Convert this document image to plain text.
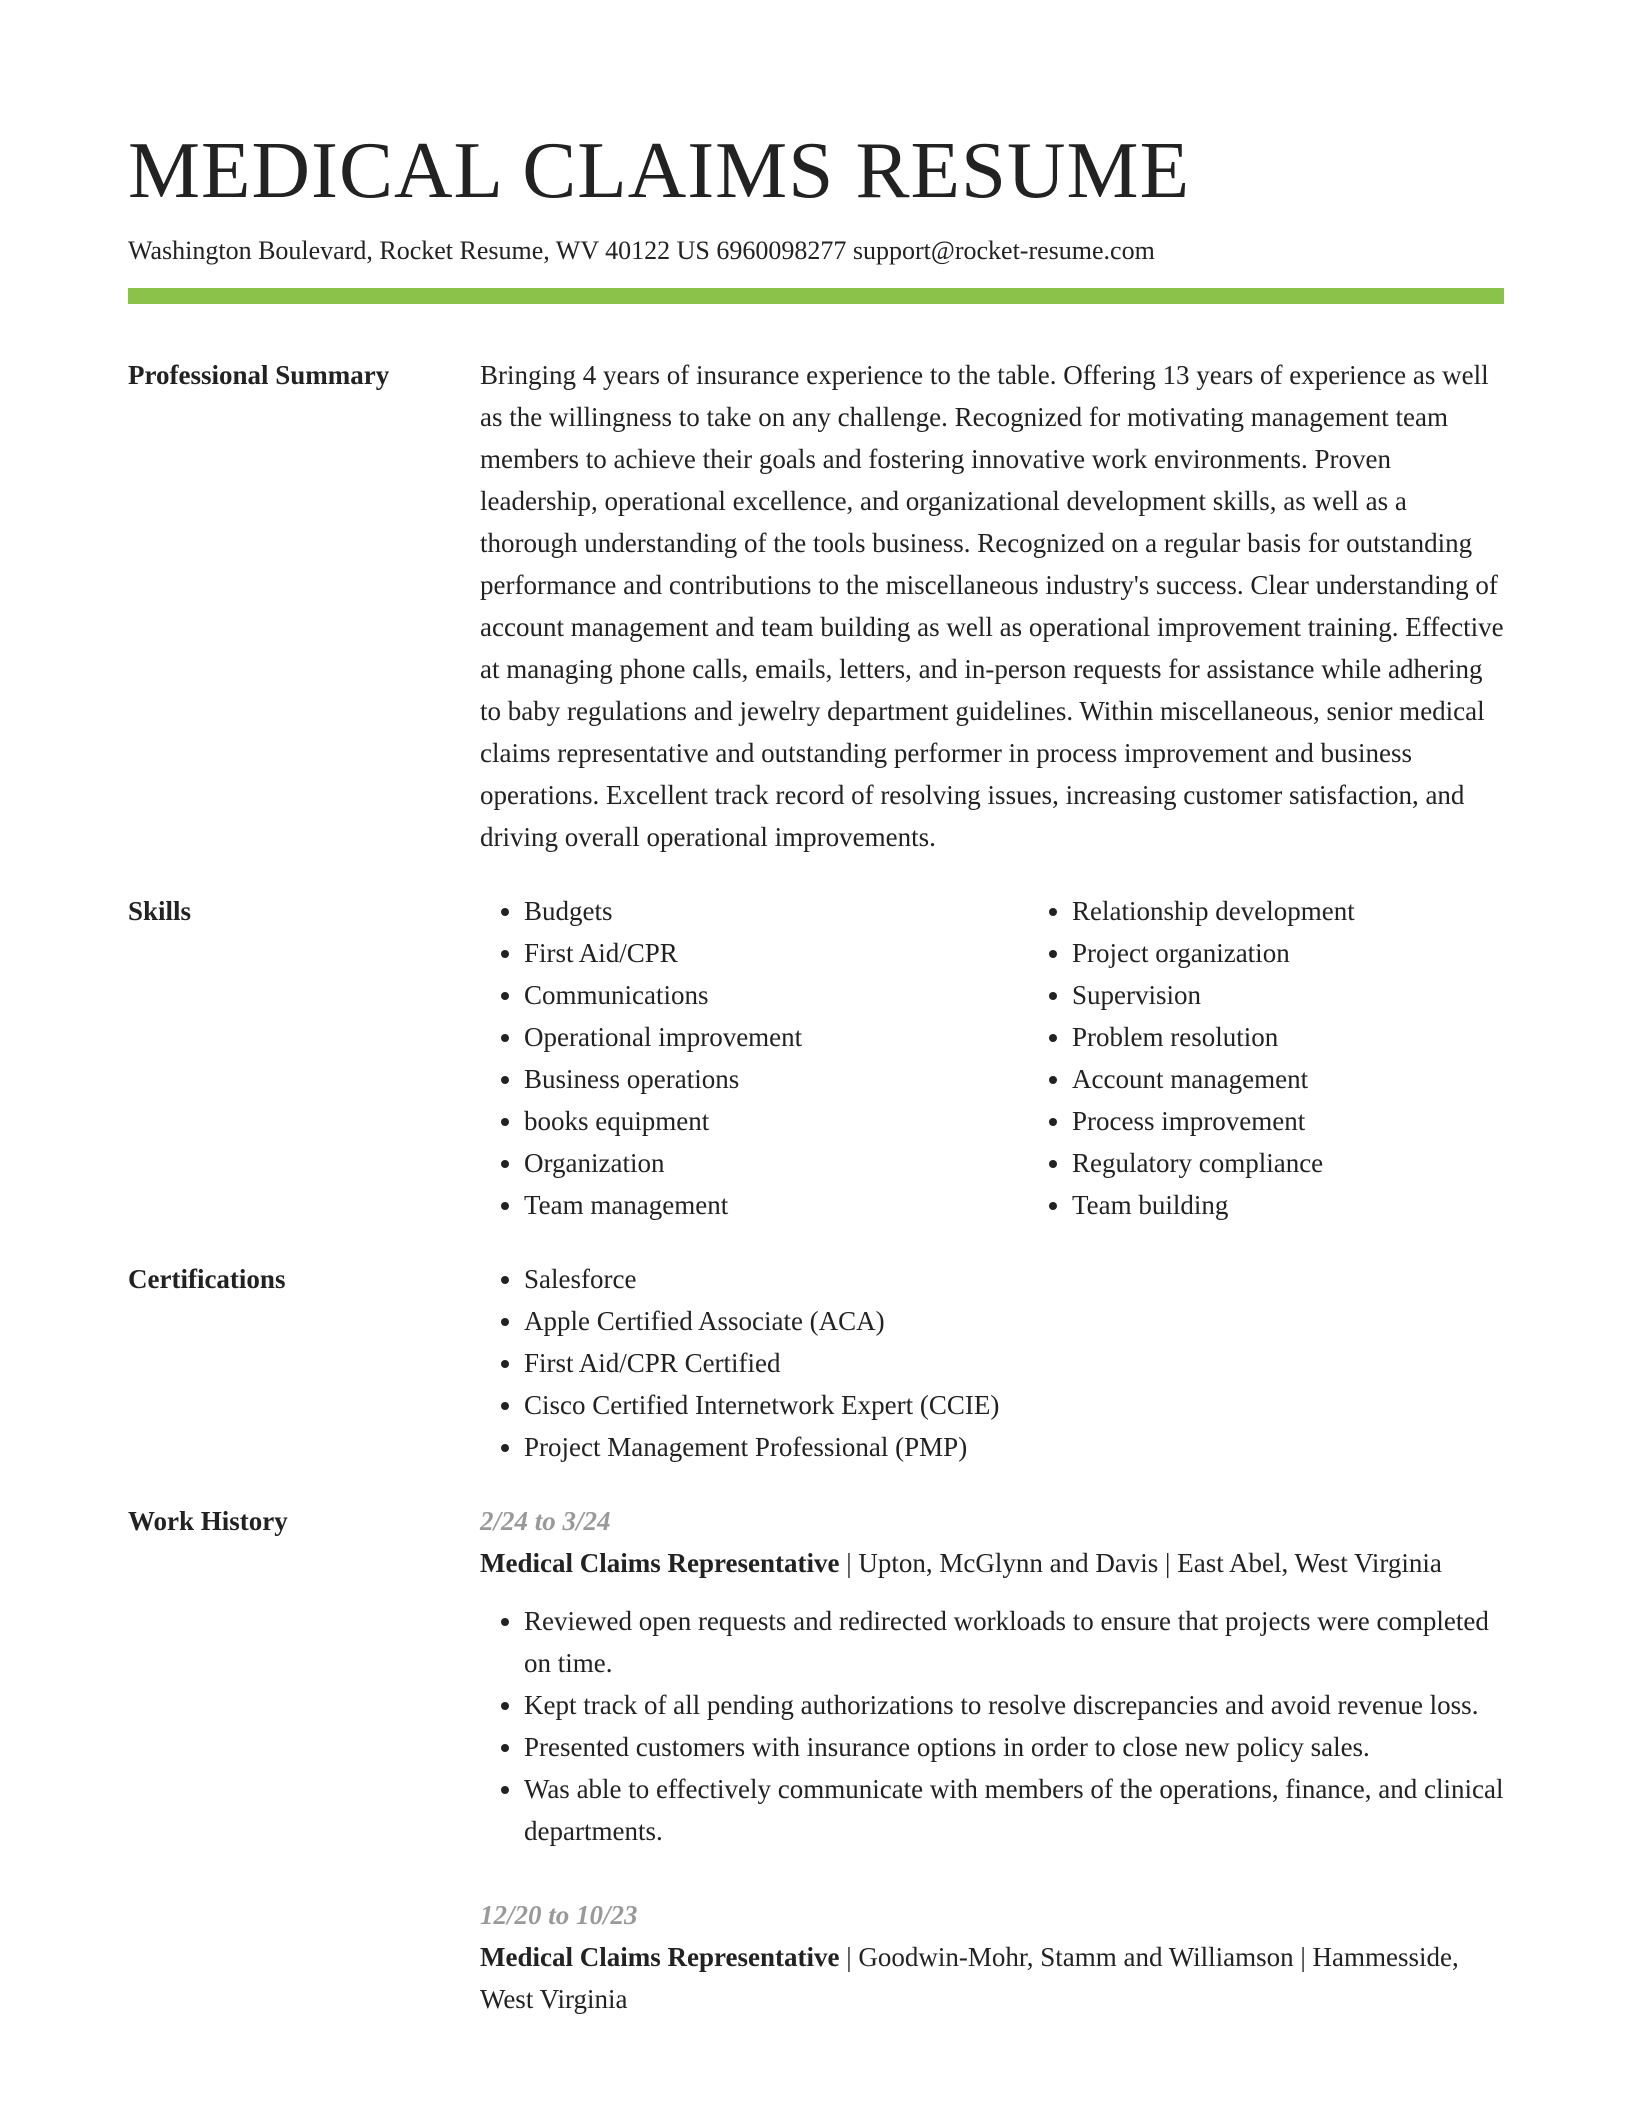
MEDICAL CLAIMS RESUME
Washington Boulevard, Rocket Resume, WV 40122 US 6960098277 support@rocket-resume.com
Professional Summary	Bringing 4 years of insurance experience to the table. Offering 13 years of experience as well as the willingness to take on any challenge. Recognized for motivating management team members to achieve their goals and fostering innovative work environments. Proven leadership, operational excellence, and organizational development skills, as well as a thorough understanding of the tools business. Recognized on a regular basis for outstanding performance and contributions to the miscellaneous industry's success. Clear understanding of account management and team building as well as operational improvement training. Effective at managing phone calls, emails, letters, and in-person requests for assistance while adhering to baby regulations and jewelry department guidelines. Within miscellaneous, senior medical claims representative and outstanding performer in process improvement and business operations. Excellent track record of resolving issues, increasing customer satisfaction, and driving overall operational improvements.
Skills	• Budgets
• First Aid/CPR
• Communications
• Operational improvement
• Business operations
• books equipment
• Organization
• Team management
• Relationship development
• Project organization
• Supervision
• Problem resolution
• Account management
• Process improvement
• Regulatory compliance
• Team building
Certifications	• Salesforce
• Apple Certified Associate (ACA)
• First Aid/CPR Certified
• Cisco Certified Internetwork Expert (CCIE)
• Project Management Professional (PMP)
Work History	2/24 to 3/24
Medical Claims Representative | Upton, McGlynn and Davis | East Abel, West Virginia
• Reviewed open requests and redirected workloads to ensure that projects were completed on time.
• Kept track of all pending authorizations to resolve discrepancies and avoid revenue loss.
• Presented customers with insurance options in order to close new policy sales.
• Was able to effectively communicate with members of the operations, finance, and clinical departments.
12/20 to 10/23
Medical Claims Representative | Goodwin-Mohr, Stamm and Williamson | Hammesside, West Virginia
